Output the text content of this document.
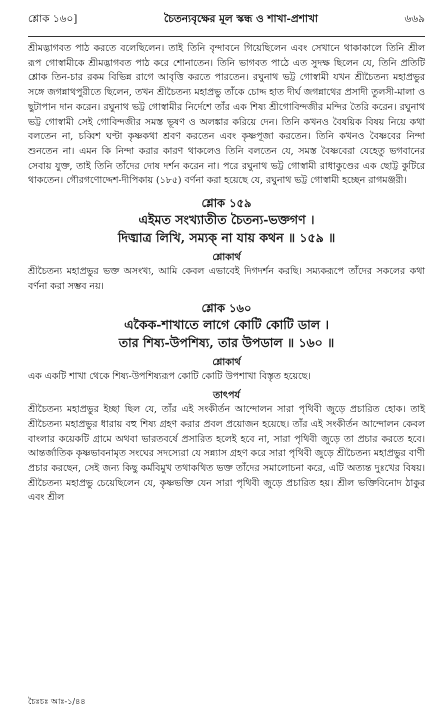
শ্লোক ১৬০]	চৈতন্যবৃক্ষের মূল স্কন্ধ ও শাখা-প্রশাখা	৬৬৯

শ্রীমদ্ভাগবত পাঠ করতে বলেছিলেন। তাই তিনি বৃন্দাবনে গিয়েছিলেন এবং সেখানে থাকাকালে তিনি শ্রীল রূপ গোস্বামীকে শ্রীমদ্ভাগবত পাঠ করে শোনাতেন। তিনি ভাগবত পাঠে এত সুদক্ষ ছিলেন যে, তিনি প্রতিটি শ্লোক তিন-চার রকম বিভিন্ন রাগে আবৃত্তি করতে পারতেন। রঘুনাথ ভট্ট গোস্বামী যখন শ্রীচৈতন্য মহাপ্রভুর সঙ্গে জগন্নাথপুরীতে ছিলেন, তখন শ্রীচৈতন্য মহাপ্রভু তাঁকে চোদ্দ হাত দীর্ঘ জগন্নাথের প্রসাদী তুলসী-মালা ও ছুটাপান দান করেন। রঘুনাথ ভট্ট গোস্বামীর নির্দেশে তাঁর এক শিষ্য শ্রীগোবিন্দজীর মন্দির তৈরি করেন। রঘুনাথ ভট্ট গোস্বামী সেই গোবিন্দজীর সমস্ত ভূষণ ও অলঙ্কার করিয়ে দেন। তিনি কখনও বৈষয়িক বিষয় নিয়ে কথা বলতেন না, চব্বিশ ঘণ্টা কৃষ্ণকথা শ্রবণ করতেন এবং কৃষ্ণপূজা করতেন। তিনি কখনও বৈষ্ণবের নিন্দা শুনতেন না। এমন কি নিন্দা করার কারণ থাকলেও তিনি বলতেন যে, সমস্ত বৈষ্ণবেরা যেহেতু ভগবানের সেবায় যুক্ত, তাই তিনি তাঁদের দোষ দর্শন করেন না। পরে রঘুনাথ ভট্ট গোস্বামী রাধাকুণ্ডের এক ছোট্ট কুটিরে থাকতেন। গৌরগণোদ্দেশ-দীপিকায় (১৮৫) বর্ণনা করা হয়েছে যে, রঘুনাথ ভট্ট গোস্বামী হচ্ছেন রাগমঞ্জরী।

শ্লোক ১৫৯
এইমত সংখ্যাতীত চৈতন্য-ভক্তগণ ।
দিঙ্মাত্র লিখি, সম্যক্ না যায় কথন ॥ ১৫৯ ॥
শ্লোকার্থ

শ্রীচৈতন্য মহাপ্রভুর ভক্ত অসংখ্য, আমি কেবল এভাবেই দিগদর্শন করছি। সম্যকরূপে তাঁদের সকলের কথা বর্ণনা করা সম্ভব নয়।

শ্লোক ১৬০
একৈক-শাখাতে লাগে কোটি কোটি ডাল ।
তার শিষ্য-উপশিষ্য, তার উপডাল ॥ ১৬০ ॥
শ্লোকার্থ

এক একটি শাখা থেকে শিষ্য-উপশিষ্যরূপ কোটি কোটি উপশাখা বিস্তৃত হয়েছে।

তাৎপর্য

শ্রীচৈতন্য মহাপ্রভুর ইচ্ছা ছিল যে, তাঁর এই সংকীর্তন আন্দোলন সারা পৃথিবী জুড়ে প্রচারিত হোক। তাই শ্রীচৈতন্য মহাপ্রভুর ধারায় বহু শিষ্য গ্রহণ করার প্রবল প্রয়োজন হয়েছে। তাঁর এই সংকীর্তন আন্দোলন কেবল বাংলার কয়েকটি গ্রামে অথবা ভারতবর্ষে প্রসারিত হলেই হবে না, সারা পৃথিবী জুড়ে তা প্রচার করতে হবে। আন্তর্জাতিক কৃষ্ণভাবনামৃত সংঘের সদস্যেরা যে সন্ন্যাস গ্রহণ করে সারা পৃথিবী জুড়ে শ্রীচৈতন্য মহাপ্রভুর বাণী প্রচার করছেন, সেই জন্য কিছু কর্মবিমুখ তথাকথিত ভক্ত তাঁদের সমালোচনা করে, এটি অত্যন্ত দুঃখের বিষয়। শ্রীচৈতন্য মহাপ্রভু চেয়েছিলেন যে, কৃষ্ণভক্তি যেন সারা পৃথিবী জুড়ে প্রচারিত হয়। শ্রীল ভক্তিবিনোদ ঠাকুর এবং শ্রীল

চৈঃচঃ আঃ-১/৪৪
